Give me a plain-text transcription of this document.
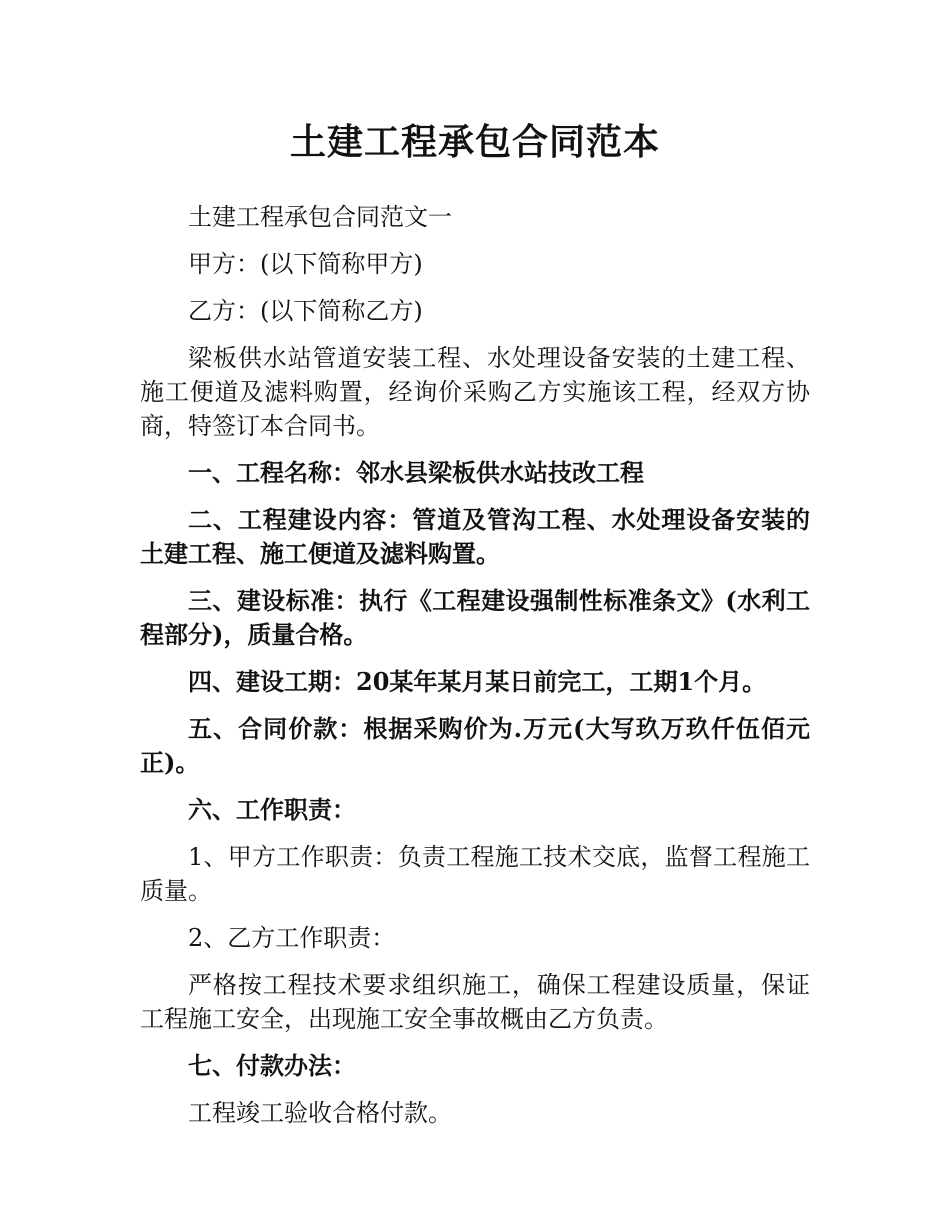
土建工程承包合同范本

土建工程承包合同范文一

甲方：(以下简称甲方)

乙方：(以下简称乙方)

梁板供水站管道安装工程、水处理设备安装的土建工程、施工便道及滤料购置，经询价采购乙方实施该工程，经双方协商，特签订本合同书。

一、工程名称：邻水县梁板供水站技改工程

二、工程建设内容：管道及管沟工程、水处理设备安装的土建工程、施工便道及滤料购置。

三、建设标准：执行《工程建设强制性标准条文》(水利工程部分)，质量合格。

四、建设工期：20某年某月某日前完工，工期1个月。

五、合同价款：根据采购价为.万元(大写玖万玖仟伍佰元正)。

六、工作职责：

1、甲方工作职责：负责工程施工技术交底，监督工程施工质量。

2、乙方工作职责：

严格按工程技术要求组织施工，确保工程建设质量，保证工程施工安全，出现施工安全事故概由乙方负责。

七、付款办法：

工程竣工验收合格付款。
